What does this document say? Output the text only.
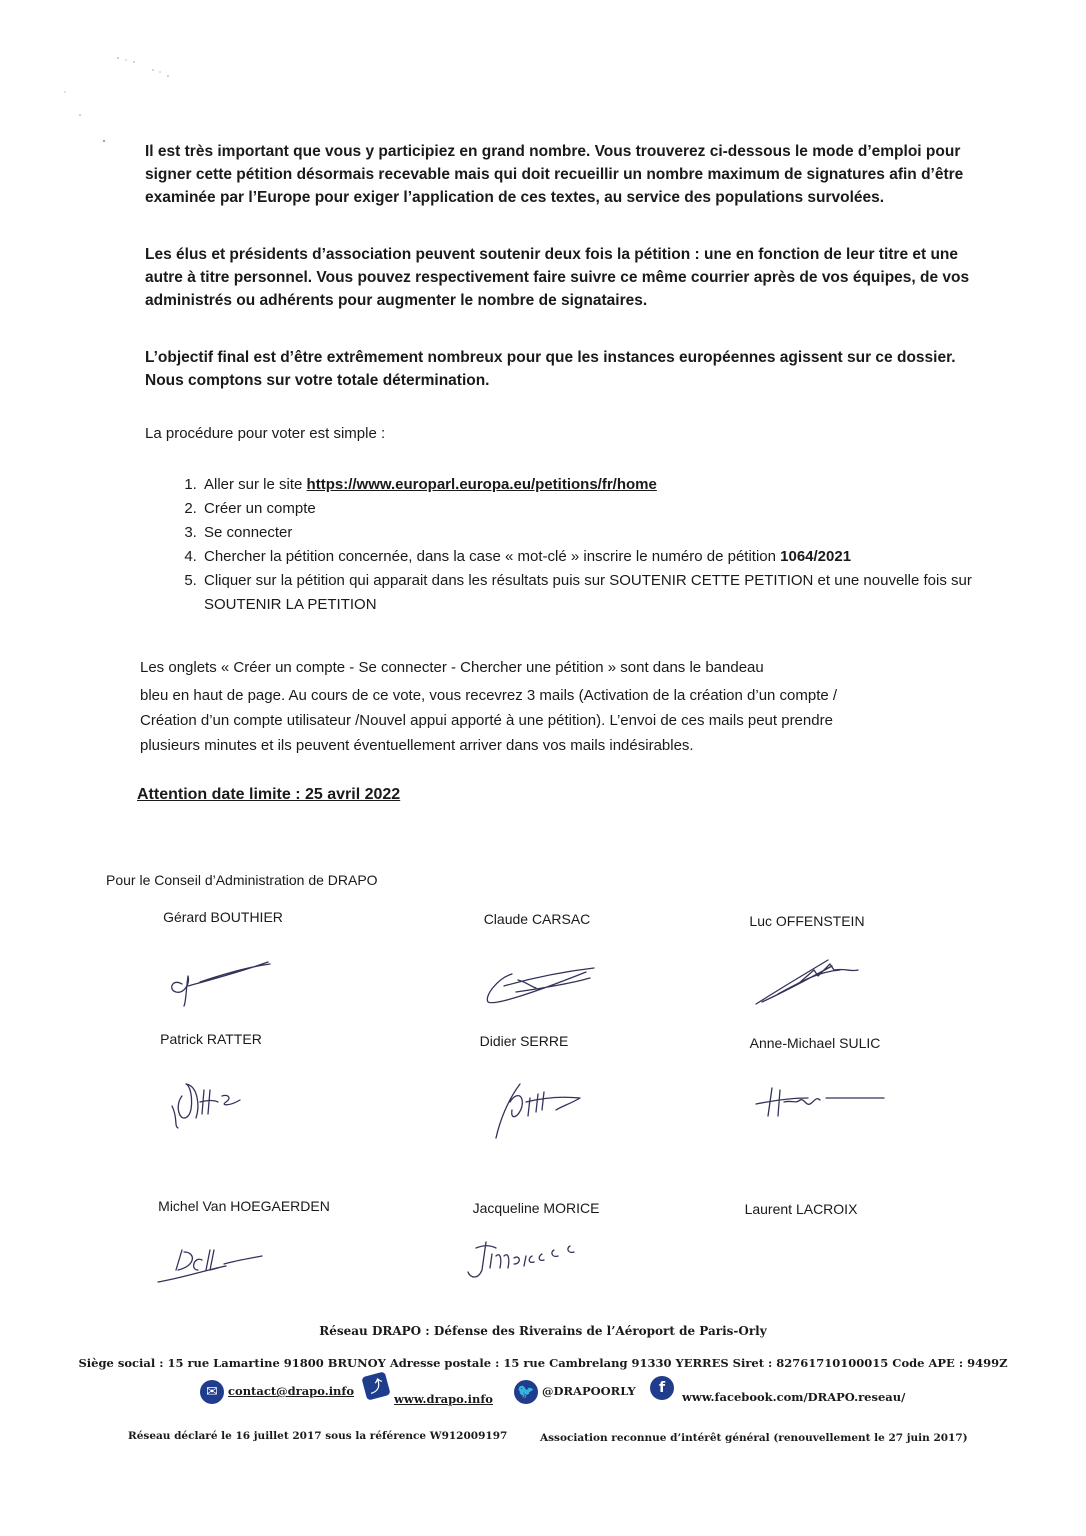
Il est très important que vous y participiez en grand nombre. Vous trouverez ci-dessous le mode d’emploi pour signer cette pétition désormais recevable mais qui doit recueillir un nombre maximum de signatures afin d’être examinée par l’Europe pour exiger l’application de ces textes, au service des populations survolées.

Les élus et présidents d’association peuvent soutenir deux fois la pétition : une en fonction de leur titre et une autre à titre personnel. Vous pouvez respectivement faire suivre ce même courrier après de vos équipes, de vos administrés ou adhérents pour augmenter le nombre de signataires.

L’objectif final est d’être extrêmement nombreux pour que les instances européennes agissent sur ce dossier. Nous comptons sur votre totale détermination.

La procédure pour voter est simple :

1. Aller sur le site https://www.europarl.europa.eu/petitions/fr/home
2. Créer un compte
3. Se connecter
4. Chercher la pétition concernée, dans la case « mot-clé » inscrire le numéro de pétition 1064/2021
5. Cliquer sur la pétition qui apparait dans les résultats puis sur SOUTENIR CETTE PETITION et une nouvelle fois sur SOUTENIR LA PETITION

Les onglets « Créer un compte - Se connecter - Chercher une pétition » sont dans le bandeau

bleu en haut de page. Au cours de ce vote, vous recevrez 3 mails (Activation de la création d’un compte /

Création d’un compte utilisateur /Nouvel appui apporté à une pétition). L’envoi de ces mails peut prendre

plusieurs minutes et ils peuvent éventuellement arriver dans vos mails indésirables.

Attention date limite : 25 avril 2022
Pour le Conseil d’Administration de DRAPO
Gérard BOUTHIER	Claude CARSAC	Luc OFFENSTEIN
Patrick RATTER	Didier SERRE	Anne-Michael SULIC
Michel Van HOEGAERDEN	Jacqueline MORICE	Laurent LACROIX
Réseau DRAPO : Défense des Riverains de l’Aéroport de Paris-Orly
Siège social : 15 rue Lamartine 91800 BRUNOY Adresse postale : 15 rue Cambrelang 91330 YERRES Siret : 82761710100015 Code APE : 9499Z
✉ contact@drapo.info ⤴ www.drapo.info 🐦 @DRAPOORLY	f www.facebook.com/DRAPO.reseau/
Réseau déclaré le 16 juillet 2017 sous la référence W912009197	Association reconnue d’intérêt général (renouvellement le 27 juin 2017)
